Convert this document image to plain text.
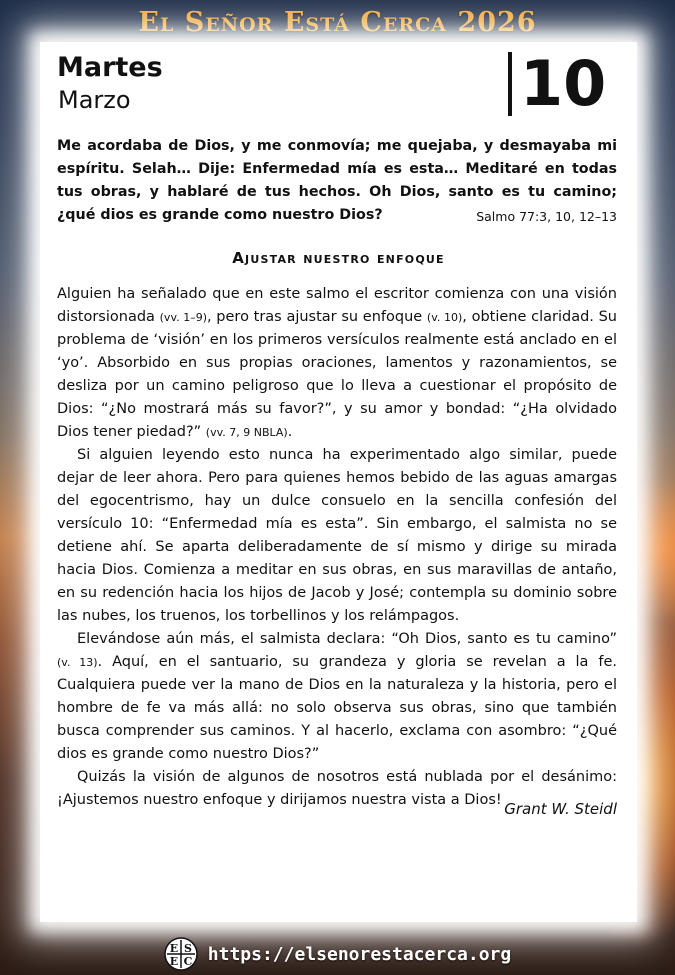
El Señor Está Cerca 2026
Martes
Marzo	10
Me acordaba de Dios, y me conmovía; me quejaba, y desmayaba mi espíritu. Selah… Dije: Enfermedad mía es esta… Meditaré en todas tus obras, y hablaré de tus hechos. Oh Dios, santo es tu camino; ¿qué dios es grande como nuestro Dios?	Salmo 77:3, 10, 12–13
Ajustar nuestro enfoque

Alguien ha señalado que en este salmo el escritor comienza con una visión distorsionada (vv. 1–9), pero tras ajustar su enfoque (v. 10), obtiene claridad. Su problema de ‘visión’ en los primeros versículos realmente está anclado en el ‘yo’. Absorbido en sus propias oraciones, lamentos y razonamientos, se desliza por un camino peligroso que lo lleva a cuestionar el propósito de Dios: “¿No mostrará más su favor?”, y su amor y bondad: “¿Ha olvidado Dios tener piedad?” (vv. 7, 9 NBLA).

Si alguien leyendo esto nunca ha experimentado algo similar, puede dejar de leer ahora. Pero para quienes hemos bebido de las aguas amargas del egocentrismo, hay un dulce consuelo en la sencilla confesión del versículo 10: “Enfermedad mía es esta”. Sin embargo, el salmista no se detiene ahí. Se aparta deliberadamente de sí mismo y dirige su mirada hacia Dios. Comienza a meditar en sus obras, en sus maravillas de antaño, en su redención hacia los hijos de Jacob y José; contempla su dominio sobre las nubes, los truenos, los torbellinos y los relámpagos.

Elevándose aún más, el salmista declara: “Oh Dios, santo es tu camino” (v. 13). Aquí, en el santuario, su grandeza y gloria se revelan a la fe. Cualquiera puede ver la mano de Dios en la naturaleza y la historia, pero el hombre de fe va más allá: no solo observa sus obras, sino que también busca comprender sus caminos. Y al hacerlo, exclama con asombro: “¿Qué dios es grande como nuestro Dios?”

Quizás la visión de algunos de nosotros está nublada por el desánimo: ¡Ajustemos nuestro enfoque y dirijamos nuestra vista a Dios! Grant W. Steidl
E S
E C https://elsenorestacerca.org
